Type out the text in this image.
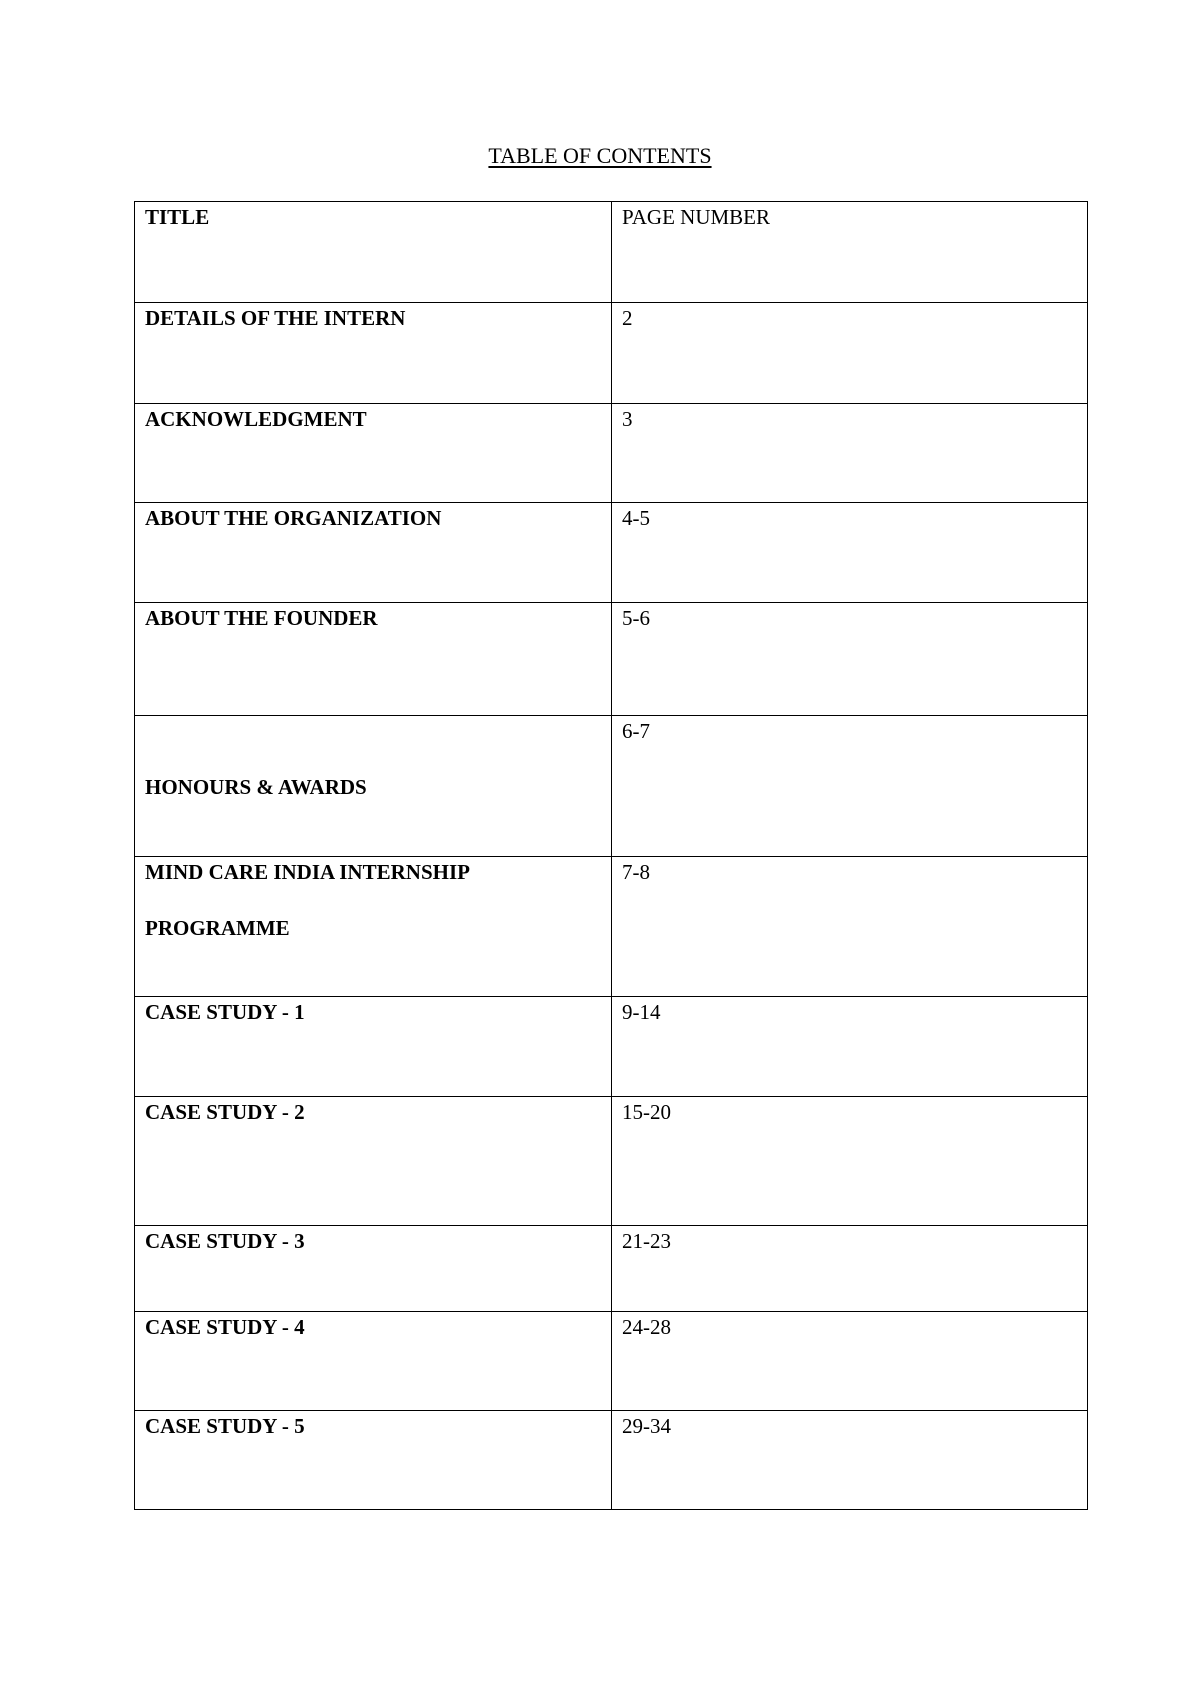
TABLE OF CONTENTS
TITLE	PAGE NUMBER

DETAILS OF THE INTERN	2

ACKNOWLEDGMENT	3

ABOUT THE ORGANIZATION	4-5

ABOUT THE FOUNDER	5-6

HONOURS & AWARDS	6-7

MIND CARE INDIA INTERNSHIP
PROGRAMME	7-8

CASE STUDY - 1	9-14

CASE STUDY - 2	15-20

CASE STUDY - 3	21-23

CASE STUDY - 4	24-28

CASE STUDY - 5	29-34
